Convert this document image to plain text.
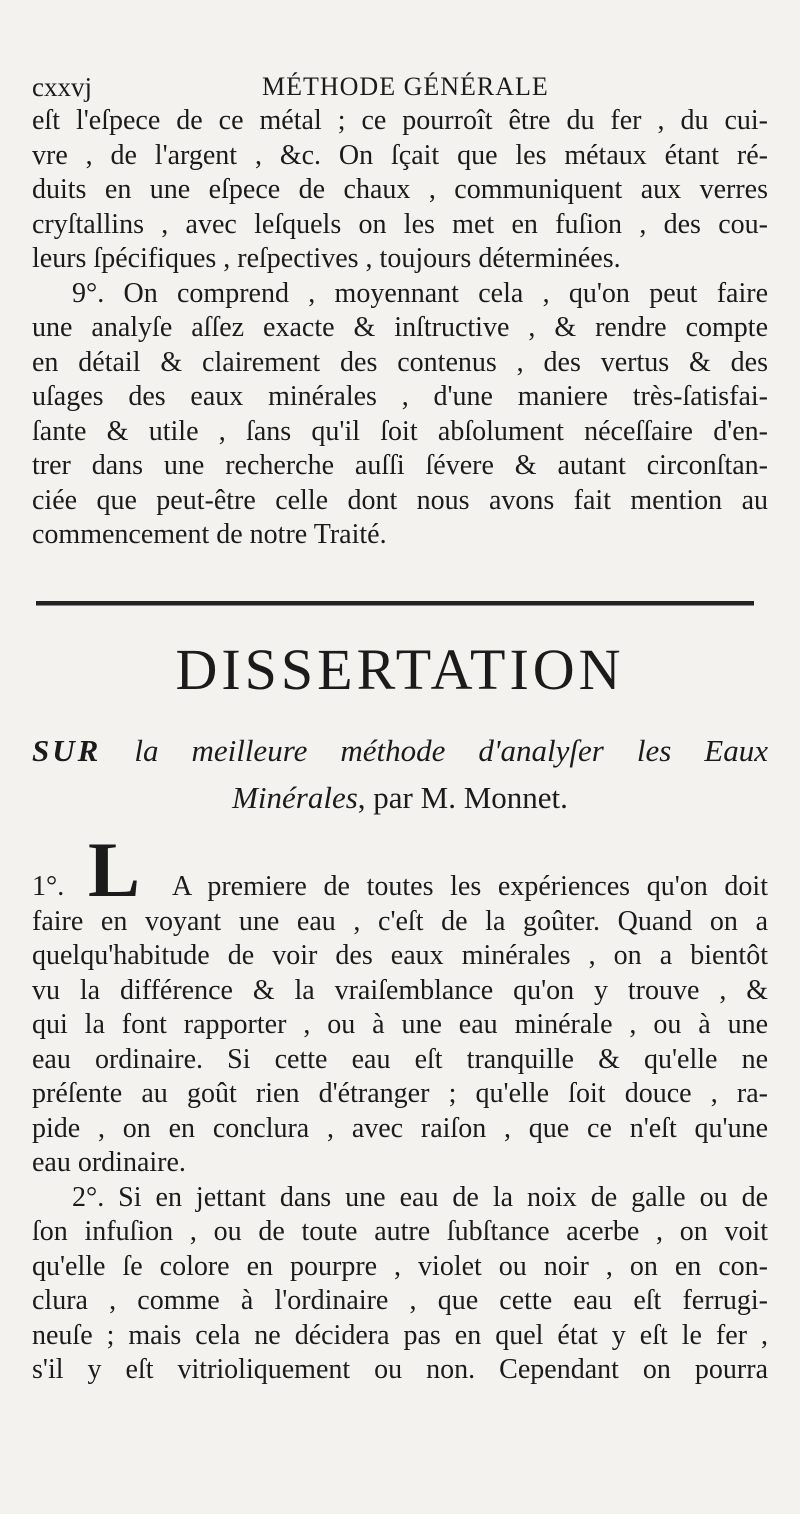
cxxvj	MÉTHODE GÉNÉRALE
eſt l'eſpece de ce métal ; ce pourroît être du fer , du cui-
vre , de l'argent , &c. On ſçait que les métaux étant ré-
duits en une eſpece de chaux , communiquent aux verres
cryſtallins , avec leſquels on les met en fuſion , des cou-
leurs ſpécifiques , reſpectives , toujours déterminées.
9°. On comprend , moyennant cela , qu'on peut faire
une analyſe aſſez exacte & inſtructive , & rendre compte
en détail & clairement des contenus , des vertus & des
uſages des eaux minérales , d'une maniere très-ſatisfai-
ſante & utile , ſans qu'il ſoit abſolument néceſſaire d'en-
trer dans une recherche auſſi ſévere & autant circonſtan-
ciée que peut-être celle dont nous avons fait mention au
commencement de notre Traité.
DISSERTATION
SUR la meilleure méthode d'analyſer les Eaux
Minérales, par M. Monnet.
L
1°.	A premiere de toutes les expériences qu'on doit
faire en voyant une eau , c'eſt de la goûter. Quand on a
quelqu'habitude de voir des eaux minérales , on a bientôt
vu la différence & la vraiſemblance qu'on y trouve , &
qui la font rapporter , ou à une eau minérale , ou à une
eau ordinaire. Si cette eau eſt tranquille & qu'elle ne
préſente au goût rien d'étranger ; qu'elle ſoit douce , ra-
pide , on en conclura , avec raiſon , que ce n'eſt qu'une
eau ordinaire.
2°. Si en jettant dans une eau de la noix de galle ou de
ſon infuſion , ou de toute autre ſubſtance acerbe , on voit
qu'elle ſe colore en pourpre , violet ou noir , on en con-
clura , comme à l'ordinaire , que cette eau eſt ferrugi-
neuſe ; mais cela ne décidera pas en quel état y eſt le fer ,
s'il y eſt vitrioliquement ou non. Cependant on pourra
